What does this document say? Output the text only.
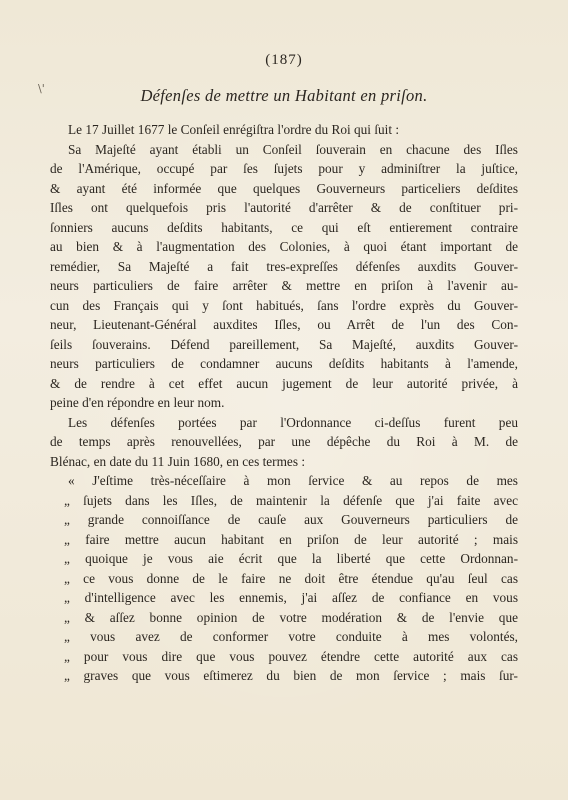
(187)
\'	Défenſes de mettre un Habitant en priſon.
Le 17 Juillet 1677 le Conſeil enrégiſtra l'ordre du Roi qui ſuit :
Sa Majeſté ayant établi un Conſeil ſouverain en chacune des Iſles
de l'Amérique, occupé par ſes ſujets pour y adminiſtrer la juſtice,
& ayant été informée que quelques Gouverneurs particeliers deſdites
Iſles ont quelquefois pris l'autorité d'arrêter & de conſtituer pri-
ſonniers aucuns deſdits habitants, ce qui eſt entierement contraire
au bien & à l'augmentation des Colonies, à quoi étant important de
remédier, Sa Majeſté a fait tres-expreſſes défenſes auxdits Gouver-
neurs particuliers de faire arrêter & mettre en priſon à l'avenir au-
cun des Français qui y ſont habitués, ſans l'ordre exprès du Gouver-
neur, Lieutenant-Général auxdites Iſles, ou Arrêt de l'un des Con-
ſeils ſouverains. Défend pareillement, Sa Majeſté, auxdits Gouver-
neurs particuliers de condamner aucuns deſdits habitants à l'amende,
& de rendre à cet effet aucun jugement de leur autorité privée, à
peine d'en répondre en leur nom.
Les défenſes portées par l'Ordonnance ci-deſſus furent peu
de temps après renouvellées, par une dépêche du Roi à M. de
Blénac, en date du 11 Juin 1680, en ces termes :
« J'eſtime très-néceſſaire à mon ſervice & au repos de mes
„ ſujets dans les Iſles, de maintenir la défenſe que j'ai faite avec
„ grande connoiſſance de cauſe aux Gouverneurs particuliers de
„ faire mettre aucun habitant en priſon de leur autorité ; mais
„ quoique je vous aie écrit que la liberté que cette Ordonnan-
„ ce vous donne de le faire ne doit être étendue qu'au ſeul cas
„ d'intelligence avec les ennemis, j'ai aſſez de confiance en vous
„ & aſſez bonne opinion de votre modération & de l'envie que
„ vous avez de conformer votre conduite à mes volontés,
„ pour vous dire que vous pouvez étendre cette autorité aux cas
„ graves que vous eſtimerez du bien de mon ſervice ; mais ſur-
